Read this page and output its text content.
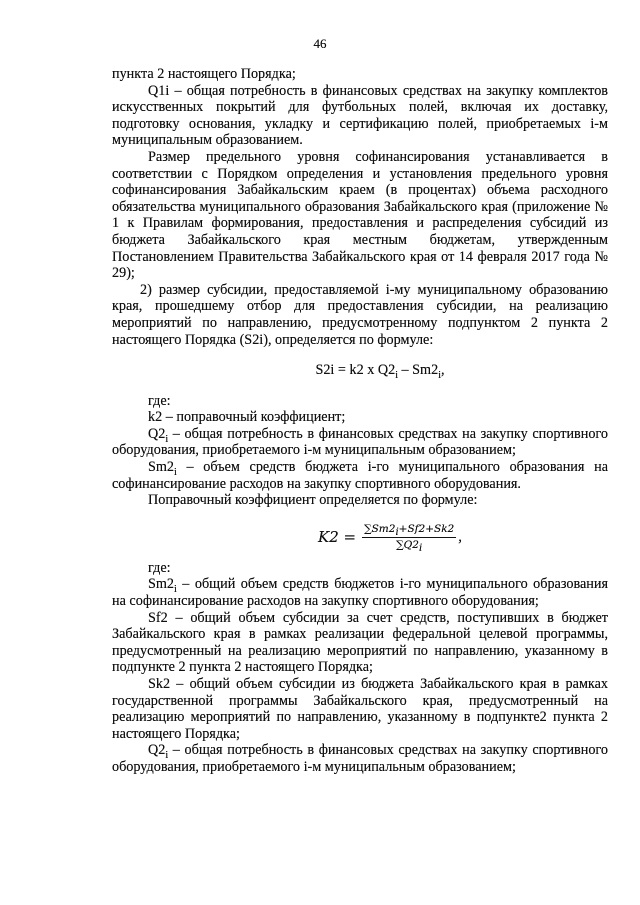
46

пункта 2 настоящего Порядка;

Q1i – общая потребность в финансовых средствах на закупку комплектов искусственных покрытий для футбольных полей, включая их доставку, подготовку основания, укладку и сертификацию полей, приобретаемых i-м муниципальным образованием.

Размер предельного уровня софинансирования устанавливается в соответствии с Порядком определения и установления предельного уровня софинансирования Забайкальским краем (в процентах) объема расходного обязательства муниципального образования Забайкальского края (приложение № 1 к Правилам формирования, предоставления и распределения субсидий из бюджета Забайкальского края местным бюджетам, утвержденным Постановлением Правительства Забайкальского края от 14 февраля 2017 года № 29);

2) размер субсидии, предоставляемой i-му муниципальному образованию края, прошедшему отбор для предоставления субсидии, на реализацию мероприятий по направлению, предусмотренному подпунктом 2 пункта 2 настоящего Порядка (S2i), определяется по формуле:

S2i = k2 x $Q2_i - Sm2_i$,

где:

k2 – поправочный коэффициент;

$Q2_i$ – общая потребность в финансовых средствах на закупку спортивного оборудования, приобретаемого i-м муниципальным образованием;

$Sm2_i$ – объем средств бюджета i-го муниципального образования на софинансирование расходов на закупку спортивного оборудования.

Поправочный коэффициент определяется по формуле:

$K2 = \frac{\sum Sm2_i+Sf2+Sk2}{\sum Q2_i}$ ,

где:

$Sm2_i$ – общий объем средств бюджетов i-го муниципального образования на софинансирование расходов на закупку спортивного оборудования;

Sf2 – общий объем субсидии за счет средств, поступивших в бюджет Забайкальского края в рамках реализации федеральной целевой программы, предусмотренный на реализацию мероприятий по направлению, указанному в подпункте 2 пункта 2 настоящего Порядка;

Sk2 – общий объем субсидии из бюджета Забайкальского края в рамках государственной программы Забайкальского края, предусмотренный на реализацию мероприятий по направлению, указанному в подпункте2 пункта 2 настоящего Порядка;

$Q2_i$ – общая потребность в финансовых средствах на закупку спортивного оборудования, приобретаемого i-м муниципальным образованием;
